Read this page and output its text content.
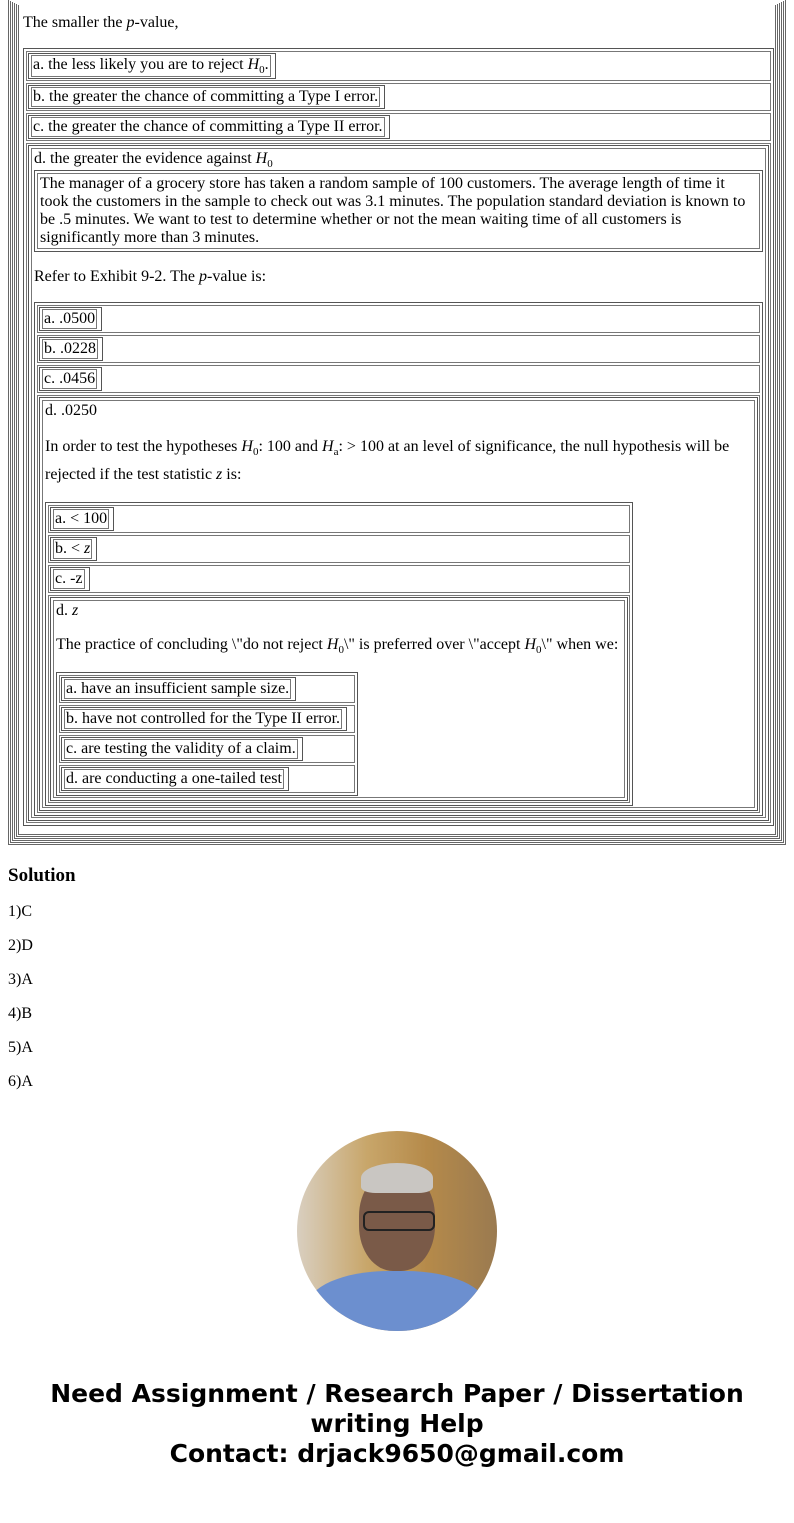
The smaller the p-value,

a. the less likely you are to reject $H_0$.
b. the greater the chance of committing a Type I error.
c. the greater the chance of committing a Type II error.

d. the greater the evidence against $H_0$
The manager of a grocery store has taken a random sample of 100 customers. The average length of time it took the customers in the sample to check out was 3.1 minutes. The population standard deviation is known to be .5 minutes. We want to test to determine whether or not the mean waiting time of all customers is significantly more than 3 minutes.

Refer to Exhibit 9-2. The p-value is:

a. .0500
b. .0228
c. .0456

d. .0250

In order to test the hypotheses $H_0$: 100 and $H_a$: > 100 at an level of significance, the null hypothesis will be rejected if the test statistic z is:

a. < 100
b. < z
c. -z

d. z

The practice of concluding \"do not reject $H_0\backslash$" is preferred over \"accept $H_0\backslash$" when we:

a. have an insufficient sample size.
b. have not controlled for the Type II error.
c. are testing the validity of a claim.
d. are conducting a one-tailed test
Solution
1)C
2)D
3)A
4)B
5)A
6)A
Need Assignment / Research Paper / Dissertation
writing Help
Contact: drjack9650@gmail.com
